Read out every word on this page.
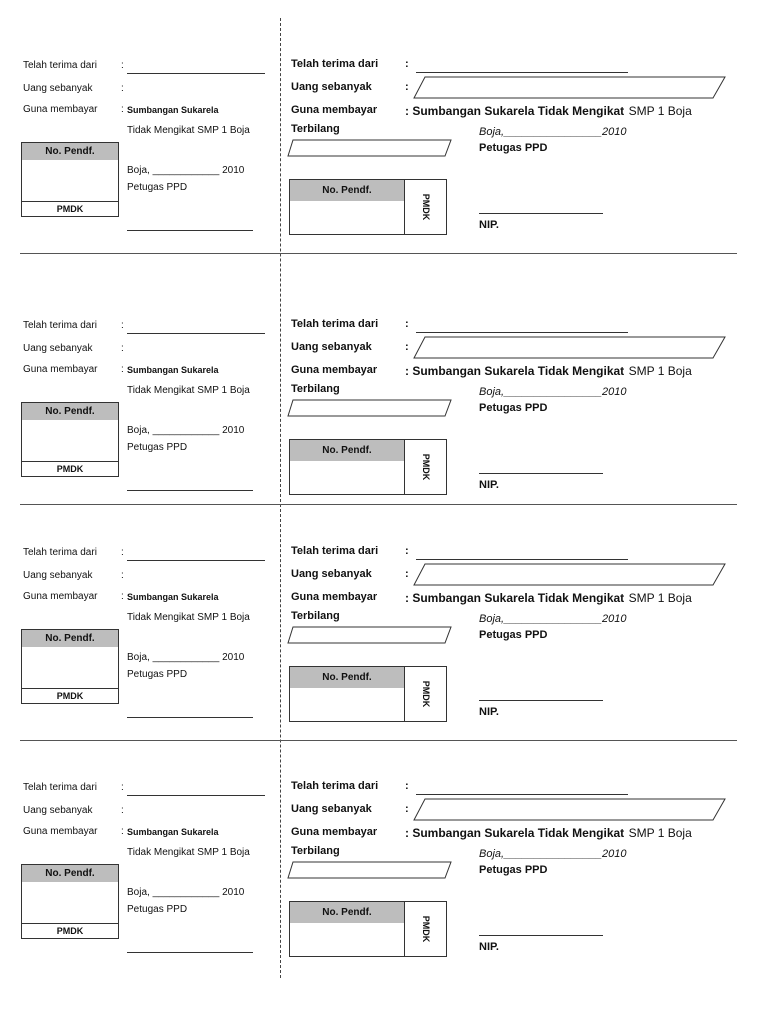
Telah terima dari :
Uang sebanyak	:
Guna membayar : Sumbangan Sukarela
Tidak Mengikat SMP 1 Boja
No. Pendf.
PMDK
Boja, ____________ 2010
Petugas PPD
Telah terima dari :
Uang sebanyak	:
Guna membayar : Sumbangan Sukarela Tidak Mengikat SMP 1 Boja
Terbilang	Boja,________________2010
Petugas PPD
No. Pendf.
PMDK
NIP.
Telah terima dari :
Uang sebanyak	:
Guna membayar : Sumbangan Sukarela
Tidak Mengikat SMP 1 Boja
No. Pendf.
PMDK
Boja, ____________ 2010
Petugas PPD
Telah terima dari :
Uang sebanyak	:
Guna membayar : Sumbangan Sukarela Tidak Mengikat SMP 1 Boja
Terbilang	Boja,________________2010
Petugas PPD
No. Pendf.
PMDK
NIP.
Telah terima dari :
Uang sebanyak	:
Guna membayar : Sumbangan Sukarela
Tidak Mengikat SMP 1 Boja
No. Pendf.
PMDK
Boja, ____________ 2010
Petugas PPD
Telah terima dari :
Uang sebanyak	:
Guna membayar : Sumbangan Sukarela Tidak Mengikat SMP 1 Boja
Terbilang	Boja,________________2010
Petugas PPD
No. Pendf.
PMDK
NIP.
Telah terima dari :
Uang sebanyak	:
Guna membayar : Sumbangan Sukarela
Tidak Mengikat SMP 1 Boja
No. Pendf.
PMDK
Boja, ____________ 2010
Petugas PPD
Telah terima dari :
Uang sebanyak	:
Guna membayar : Sumbangan Sukarela Tidak Mengikat SMP 1 Boja
Terbilang	Boja,________________2010
Petugas PPD
No. Pendf.
PMDK
NIP.
